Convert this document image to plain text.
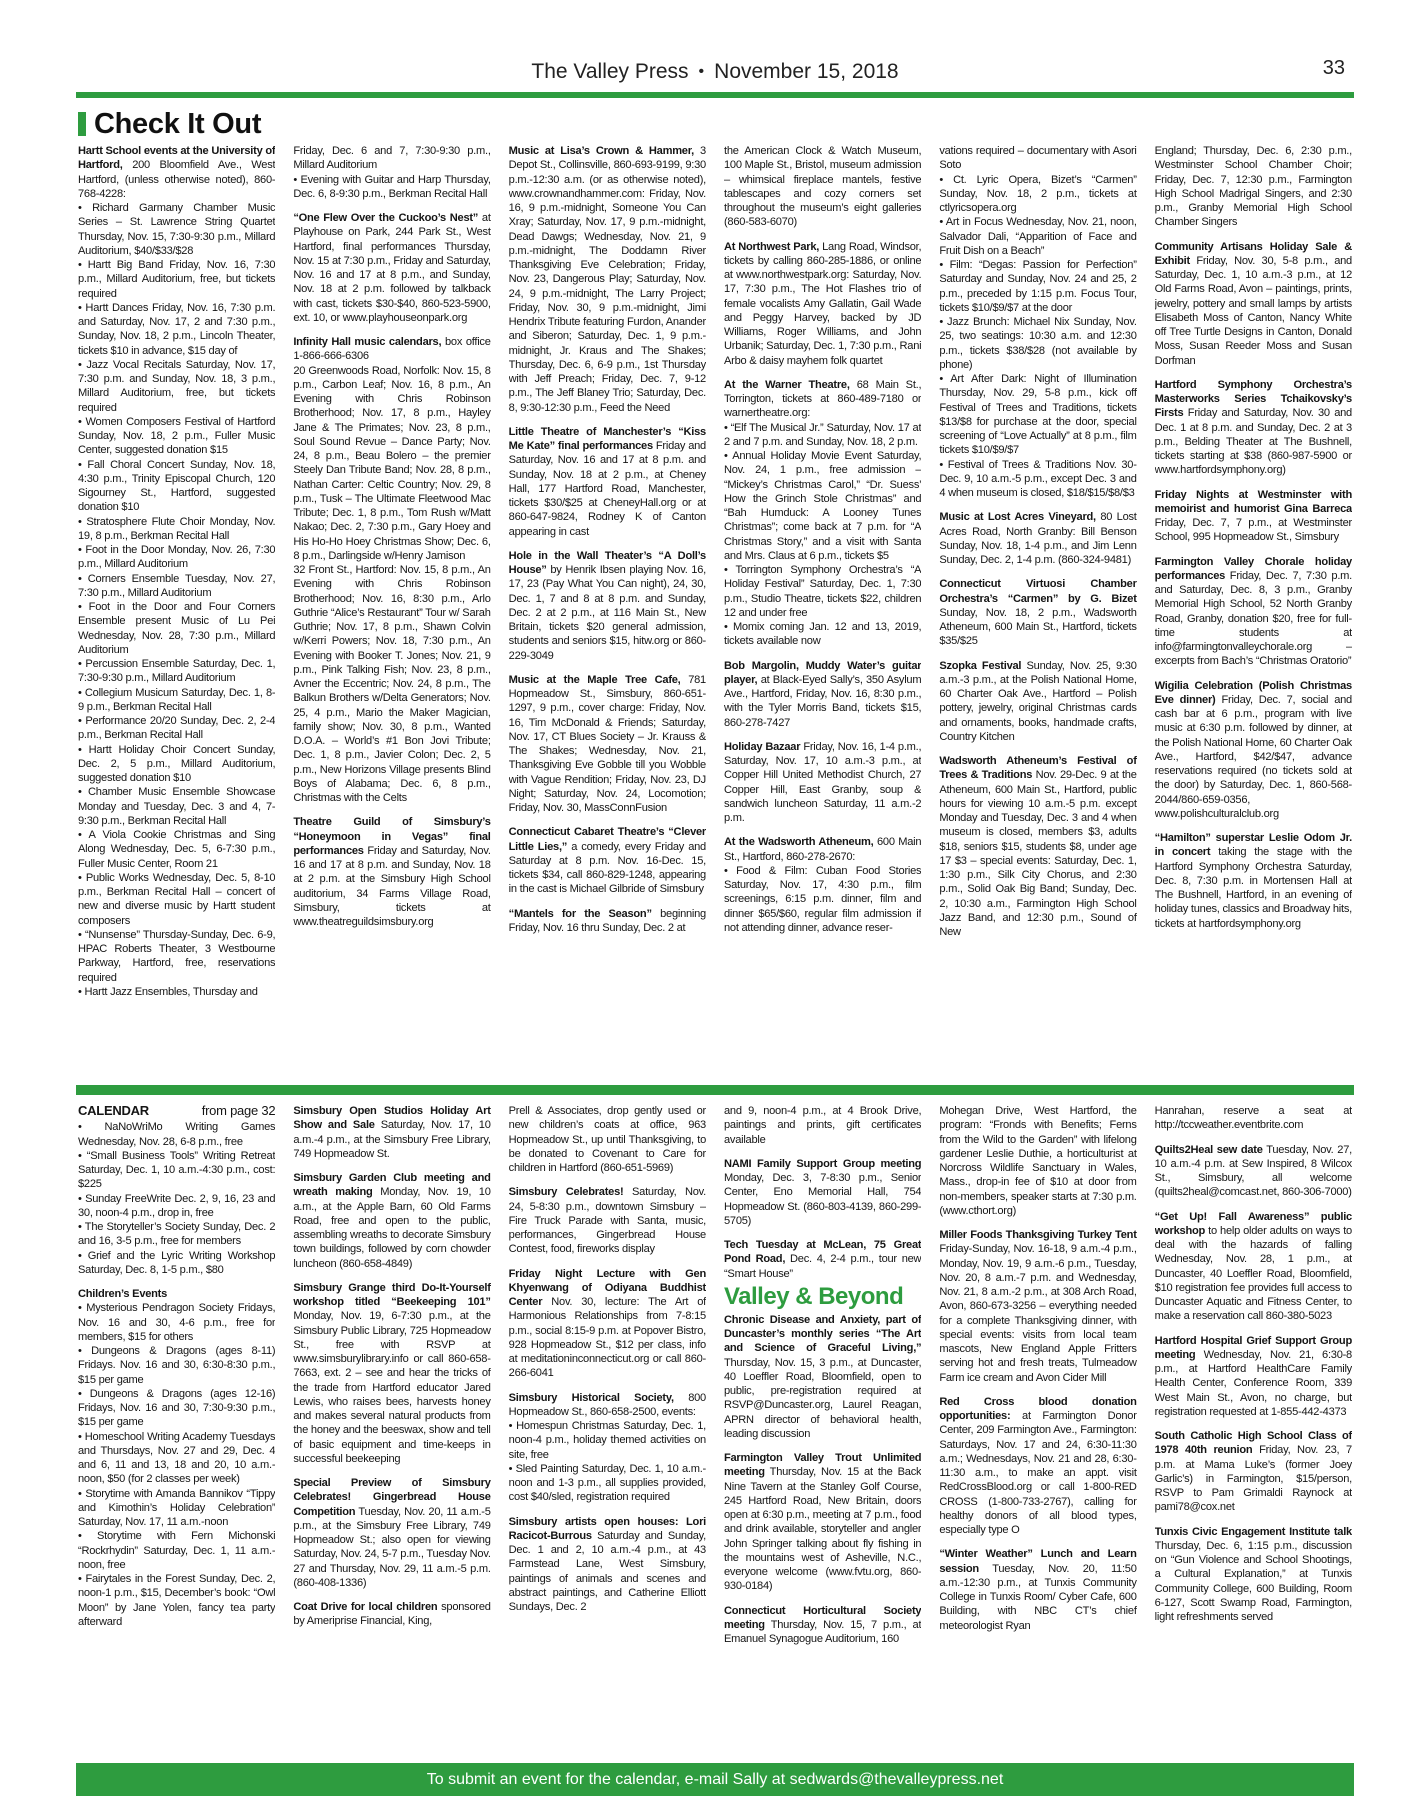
The Valley Press • November 15, 2018	33
Check It Out

Hartt School events at the University of Hartford, 200 Bloomfield Ave., West Hartford, (unless otherwise noted), 860-768-4228:
• Richard Garmany Chamber Music Series – St. Lawrence String Quartet Thursday, Nov. 15, 7:30-9:30 p.m., Millard Auditorium, $40/$33/$28
• Hartt Big Band Friday, Nov. 16, 7:30 p.m., Millard Auditorium, free, but tickets required
• Hartt Dances Friday, Nov. 16, 7:30 p.m. and Saturday, Nov. 17, 2 and 7:30 p.m., Sunday, Nov. 18, 2 p.m., Lincoln Theater, tickets $10 in advance, $15 day of
• Jazz Vocal Recitals Saturday, Nov. 17, 7:30 p.m. and Sunday, Nov. 18, 3 p.m., Millard Auditorium, free, but tickets required
• Women Composers Festival of Hartford Sunday, Nov. 18, 2 p.m., Fuller Music Center, suggested donation $15
• Fall Choral Concert Sunday, Nov. 18, 4:30 p.m., Trinity Episcopal Church, 120 Sigourney St., Hartford, suggested donation $10
• Stratosphere Flute Choir Monday, Nov. 19, 8 p.m., Berkman Recital Hall
• Foot in the Door Monday, Nov. 26, 7:30 p.m., Millard Auditorium
• Corners Ensemble Tuesday, Nov. 27, 7:30 p.m., Millard Auditorium
• Foot in the Door and Four Corners Ensemble present Music of Lu Pei Wednesday, Nov. 28, 7:30 p.m., Millard Auditorium
• Percussion Ensemble Saturday, Dec. 1, 7:30-9:30 p.m., Millard Auditorium
• Collegium Musicum Saturday, Dec. 1, 8-9 p.m., Berkman Recital Hall
• Performance 20/20 Sunday, Dec. 2, 2-4 p.m., Berkman Recital Hall
• Hartt Holiday Choir Concert Sunday, Dec. 2, 5 p.m., Millard Auditorium, suggested donation $10
• Chamber Music Ensemble Showcase Monday and Tuesday, Dec. 3 and 4, 7-9:30 p.m., Berkman Recital Hall
• A Viola Cookie Christmas and Sing Along Wednesday, Dec. 5, 6-7:30 p.m., Fuller Music Center, Room 21
• Public Works Wednesday, Dec. 5, 8-10 p.m., Berkman Recital Hall – concert of new and diverse music by Hartt student composers
• “Nunsense” Thursday-Sunday, Dec. 6-9, HPAC Roberts Theater, 3 Westbourne Parkway, Hartford, free, reservations required
• Hartt Jazz Ensembles, Thursday and

Friday, Dec. 6 and 7, 7:30-9:30 p.m., Millard Auditorium
• Evening with Guitar and Harp Thursday, Dec. 6, 8-9:30 p.m., Berkman Recital Hall

“One Flew Over the Cuckoo’s Nest” at Playhouse on Park, 244 Park St., West Hartford, final performances Thursday, Nov. 15 at 7:30 p.m., Friday and Saturday, Nov. 16 and 17 at 8 p.m., and Sunday, Nov. 18 at 2 p.m. followed by talkback with cast, tickets $30-$40, 860-523-5900, ext. 10, or www.playhouseonpark.org

Infinity Hall music calendars, box office 1-866-666-6306
20 Greenwoods Road, Norfolk: Nov. 15, 8 p.m., Carbon Leaf; Nov. 16, 8 p.m., An Evening with Chris Robinson Brotherhood; Nov. 17, 8 p.m., Hayley Jane & The Primates; Nov. 23, 8 p.m., Soul Sound Revue – Dance Party; Nov. 24, 8 p.m., Beau Bolero – the premier Steely Dan Tribute Band; Nov. 28, 8 p.m., Nathan Carter: Celtic Country; Nov. 29, 8 p.m., Tusk – The Ultimate Fleetwood Mac Tribute; Dec. 1, 8 p.m., Tom Rush w/Matt Nakao; Dec. 2, 7:30 p.m., Gary Hoey and His Ho-Ho Hoey Christmas Show; Dec. 6, 8 p.m., Darlingside w/Henry Jamison
32 Front St., Hartford: Nov. 15, 8 p.m., An Evening with Chris Robinson Brotherhood; Nov. 16, 8:30 p.m., Arlo Guthrie “Alice’s Restaurant” Tour w/ Sarah Guthrie; Nov. 17, 8 p.m., Shawn Colvin w/Kerri Powers; Nov. 18, 7:30 p.m., An Evening with Booker T. Jones; Nov. 21, 9 p.m., Pink Talking Fish; Nov. 23, 8 p.m., Avner the Eccentric; Nov. 24, 8 p.m., The Balkun Brothers w/Delta Generators; Nov. 25, 4 p.m., Mario the Maker Magician, family show; Nov. 30, 8 p.m., Wanted D.O.A. – World’s #1 Bon Jovi Tribute; Dec. 1, 8 p.m., Javier Colon; Dec. 2, 5 p.m., New Horizons Village presents Blind Boys of Alabama; Dec. 6, 8 p.m., Christmas with the Celts

Theatre Guild of Simsbury’s “Honeymoon in Vegas” final performances Friday and Saturday, Nov. 16 and 17 at 8 p.m. and Sunday, Nov. 18 at 2 p.m. at the Simsbury High School auditorium, 34 Farms Village Road, Simsbury, tickets at www.theatreguildsimsbury.org

Music at Lisa’s Crown & Hammer, 3 Depot St., Collinsville, 860-693-9199, 9:30 p.m.-12:30 a.m. (or as otherwise noted), www.crownandhammer.com: Friday, Nov. 16, 9 p.m.-midnight, Someone You Can Xray; Saturday, Nov. 17, 9 p.m.-midnight, Dead Dawgs; Wednesday, Nov. 21, 9 p.m.-midnight, The Doddamn River Thanksgiving Eve Celebration; Friday, Nov. 23, Dangerous Play; Saturday, Nov. 24, 9 p.m.-midnight, The Larry Project; Friday, Nov. 30, 9 p.m.-midnight, Jimi Hendrix Tribute featuring Furdon, Anander and Siberon; Saturday, Dec. 1, 9 p.m.-midnight, Jr. Kraus and The Shakes; Thursday, Dec. 6, 6-9 p.m., 1st Thursday with Jeff Preach; Friday, Dec. 7, 9-12 p.m., The Jeff Blaney Trio; Saturday, Dec. 8, 9:30-12:30 p.m., Feed the Need

Little Theatre of Manchester’s “Kiss Me Kate” final performances Friday and Saturday, Nov. 16 and 17 at 8 p.m. and Sunday, Nov. 18 at 2 p.m., at Cheney Hall, 177 Hartford Road, Manchester, tickets $30/$25 at CheneyHall.org or at 860-647-9824, Rodney K of Canton appearing in cast

Hole in the Wall Theater’s “A Doll’s House” by Henrik Ibsen playing Nov. 16, 17, 23 (Pay What You Can night), 24, 30, Dec. 1, 7 and 8 at 8 p.m. and Sunday, Dec. 2 at 2 p.m., at 116 Main St., New Britain, tickets $20 general admission, students and seniors $15, hitw.org or 860-229-3049

Music at the Maple Tree Cafe, 781 Hopmeadow St., Simsbury, 860-651-1297, 9 p.m., cover charge: Friday, Nov. 16, Tim McDonald & Friends; Saturday, Nov. 17, CT Blues Society – Jr. Krauss & The Shakes; Wednesday, Nov. 21, Thanksgiving Eve Gobble till you Wobble with Vague Rendition; Friday, Nov. 23, DJ Night; Saturday, Nov. 24, Locomotion; Friday, Nov. 30, MassConnFusion

Connecticut Cabaret Theatre’s “Clever Little Lies,” a comedy, every Friday and Saturday at 8 p.m. Nov. 16-Dec. 15, tickets $34, call 860-829-1248, appearing in the cast is Michael Gilbride of Simsbury

“Mantels for the Season” beginning Friday, Nov. 16 thru Sunday, Dec. 2 at

the American Clock & Watch Museum, 100 Maple St., Bristol, museum admission – whimsical fireplace mantels, festive tablescapes and cozy corners set throughout the museum’s eight galleries (860-583-6070)

At Northwest Park, Lang Road, Windsor, tickets by calling 860-285-1886, or online at www.northwestpark.org: Saturday, Nov. 17, 7:30 p.m., The Hot Flashes trio of female vocalists Amy Gallatin, Gail Wade and Peggy Harvey, backed by JD Williams, Roger Williams, and John Urbanik; Saturday, Dec. 1, 7:30 p.m., Rani Arbo & daisy mayhem folk quartet

At the Warner Theatre, 68 Main St., Torrington, tickets at 860-489-7180 or warnertheatre.org:
• “Elf The Musical Jr.” Saturday, Nov. 17 at 2 and 7 p.m. and Sunday, Nov. 18, 2 p.m.
• Annual Holiday Movie Event Saturday, Nov. 24, 1 p.m., free admission – “Mickey’s Christmas Carol,” “Dr. Suess’ How the Grinch Stole Christmas” and “Bah Humduck: A Looney Tunes Christmas”; come back at 7 p.m. for “A Christmas Story,” and a visit with Santa and Mrs. Claus at 6 p.m., tickets $5
• Torrington Symphony Orchestra’s “A Holiday Festival” Saturday, Dec. 1, 7:30 p.m., Studio Theatre, tickets $22, children 12 and under free
• Momix coming Jan. 12 and 13, 2019, tickets available now

Bob Margolin, Muddy Water’s guitar player, at Black-Eyed Sally’s, 350 Asylum Ave., Hartford, Friday, Nov. 16, 8:30 p.m., with the Tyler Morris Band, tickets $15, 860-278-7427

Holiday Bazaar Friday, Nov. 16, 1-4 p.m., Saturday, Nov. 17, 10 a.m.-3 p.m., at Copper Hill United Methodist Church, 27 Copper Hill, East Granby, soup & sandwich luncheon Saturday, 11 a.m.-2 p.m.

At the Wadsworth Atheneum, 600 Main St., Hartford, 860-278-2670:
• Food & Film: Cuban Food Stories Saturday, Nov. 17, 4:30 p.m., film screenings, 6:15 p.m. dinner, film and dinner $65/$60, regular film admission if not attending dinner, advance reser-

vations required – documentary with Asori Soto
• Ct. Lyric Opera, Bizet’s “Carmen” Sunday, Nov. 18, 2 p.m., tickets at ctlyricsopera.org
• Art in Focus Wednesday, Nov. 21, noon, Salvador Dali, “Apparition of Face and Fruit Dish on a Beach”
• Film: “Degas: Passion for Perfection” Saturday and Sunday, Nov. 24 and 25, 2 p.m., preceded by 1:15 p.m. Focus Tour, tickets $10/$9/$7 at the door
• Jazz Brunch: Michael Nix Sunday, Nov. 25, two seatings: 10:30 a.m. and 12:30 p.m., tickets $38/$28 (not available by phone)
• Art After Dark: Night of Illumination Thursday, Nov. 29, 5-8 p.m., kick off Festival of Trees and Traditions, tickets $13/$8 for purchase at the door, special screening of “Love Actually” at 8 p.m., film tickets $10/$9/$7
• Festival of Trees & Traditions Nov. 30-Dec. 9, 10 a.m.-5 p.m., except Dec. 3 and 4 when museum is closed, $18/$15/$8/$3

Music at Lost Acres Vineyard, 80 Lost Acres Road, North Granby: Bill Benson Sunday, Nov. 18, 1-4 p.m., and Jim Lenn Sunday, Dec. 2, 1-4 p.m. (860-324-9481)

Connecticut Virtuosi Chamber Orchestra’s “Carmen” by G. Bizet Sunday, Nov. 18, 2 p.m., Wadsworth Atheneum, 600 Main St., Hartford, tickets $35/$25

Szopka Festival Sunday, Nov. 25, 9:30 a.m.-3 p.m., at the Polish National Home, 60 Charter Oak Ave., Hartford – Polish pottery, jewelry, original Christmas cards and ornaments, books, handmade crafts, Country Kitchen

Wadsworth Atheneum’s Festival of Trees & Traditions Nov. 29-Dec. 9 at the Atheneum, 600 Main St., Hartford, public hours for viewing 10 a.m.-5 p.m. except Monday and Tuesday, Dec. 3 and 4 when museum is closed, members $3, adults $18, seniors $15, students $8, under age 17 $3 – special events: Saturday, Dec. 1, 1:30 p.m., Silk City Chorus, and 2:30 p.m., Solid Oak Big Band; Sunday, Dec. 2, 10:30 a.m., Farmington High School Jazz Band, and 12:30 p.m., Sound of New

England; Thursday, Dec. 6, 2:30 p.m., Westminster School Chamber Choir; Friday, Dec. 7, 12:30 p.m., Farmington High School Madrigal Singers, and 2:30 p.m., Granby Memorial High School Chamber Singers

Community Artisans Holiday Sale & Exhibit Friday, Nov. 30, 5-8 p.m., and Saturday, Dec. 1, 10 a.m.-3 p.m., at 12 Old Farms Road, Avon – paintings, prints, jewelry, pottery and small lamps by artists Elisabeth Moss of Canton, Nancy White off Tree Turtle Designs in Canton, Donald Moss, Susan Reeder Moss and Susan Dorfman

Hartford Symphony Orchestra’s Masterworks Series Tchaikovsky’s Firsts Friday and Saturday, Nov. 30 and Dec. 1 at 8 p.m. and Sunday, Dec. 2 at 3 p.m., Belding Theater at The Bushnell, tickets starting at $38 (860-987-5900 or www.hartfordsymphony.org)

Friday Nights at Westminster with memoirist and humorist Gina Barreca Friday, Dec. 7, 7 p.m., at Westminster School, 995 Hopmeadow St., Simsbury

Farmington Valley Chorale holiday performances Friday, Dec. 7, 7:30 p.m. and Saturday, Dec. 8, 3 p.m., Granby Memorial High School, 52 North Granby Road, Granby, donation $20, free for full-time students at info@farmingtonvalleychorale.org – excerpts from Bach’s “Christmas Oratorio”

Wigilia Celebration (Polish Christmas Eve dinner) Friday, Dec. 7, social and cash bar at 6 p.m., program with live music at 6:30 p.m. followed by dinner, at the Polish National Home, 60 Charter Oak Ave., Hartford, $42/$47, advance reservations required (no tickets sold at the door) by Saturday, Dec. 1, 860-568-2044/860-659-0356, www.polishculturalclub.org

“Hamilton” superstar Leslie Odom Jr. in concert taking the stage with the Hartford Symphony Orchestra Saturday, Dec. 8, 7:30 p.m. in Mortensen Hall at The Bushnell, Hartford, in an evening of holiday tunes, classics and Broadway hits, tickets at hartfordsymphony.org

CALENDAR	from page 32

• NaNoWriMo Writing Games Wednesday, Nov. 28, 6-8 p.m., free
• “Small Business Tools” Writing Retreat Saturday, Dec. 1, 10 a.m.-4:30 p.m., cost: $225
• Sunday FreeWrite Dec. 2, 9, 16, 23 and 30, noon-4 p.m., drop in, free
• The Storyteller’s Society Sunday, Dec. 2 and 16, 3-5 p.m., free for members
• Grief and the Lyric Writing Workshop Saturday, Dec. 8, 1-5 p.m., $80

Children’s Events
• Mysterious Pendragon Society Fridays, Nov. 16 and 30, 4-6 p.m., free for members, $15 for others
• Dungeons & Dragons (ages 8-11) Fridays. Nov. 16 and 30, 6:30-8:30 p.m., $15 per game
• Dungeons & Dragons (ages 12-16) Fridays, Nov. 16 and 30, 7:30-9:30 p.m., $15 per game
• Homeschool Writing Academy Tuesdays and Thursdays, Nov. 27 and 29, Dec. 4 and 6, 11 and 13, 18 and 20, 10 a.m.-noon, $50 (for 2 classes per week)
• Storytime with Amanda Bannikov “Tippy and Kimothin’s Holiday Celebration” Saturday, Nov. 17, 11 a.m.-noon
• Storytime with Fern Michonski “Rockrhydin” Saturday, Dec. 1, 11 a.m.-noon, free
• Fairytales in the Forest Sunday, Dec. 2, noon-1 p.m., $15, December’s book: “Owl Moon” by Jane Yolen, fancy tea party afterward

Simsbury Open Studios Holiday Art Show and Sale Saturday, Nov. 17, 10 a.m.-4 p.m., at the Simsbury Free Library, 749 Hopmeadow St.

Simsbury Garden Club meeting and wreath making Monday, Nov. 19, 10 a.m., at the Apple Barn, 60 Old Farms Road, free and open to the public, assembling wreaths to decorate Simsbury town buildings, followed by corn chowder luncheon (860-658-4849)

Simsbury Grange third Do-It-Yourself workshop titled “Beekeeping 101” Monday, Nov. 19, 6-7:30 p.m., at the Simsbury Public Library, 725 Hopmeadow St., free with RSVP at www.simsburylibrary.info or call 860-658-7663, ext. 2 – see and hear the tricks of the trade from Hartford educator Jared Lewis, who raises bees, harvests honey and makes several natural products from the honey and the beeswax, show and tell of basic equipment and time-keeps in successful beekeeping

Special Preview of Simsbury Celebrates! Gingerbread House Competition Tuesday, Nov. 20, 11 a.m.-5 p.m., at the Simsbury Free Library, 749 Hopmeadow St.; also open for viewing Saturday, Nov. 24, 5-7 p.m., Tuesday Nov. 27 and Thursday, Nov. 29, 11 a.m.-5 p.m. (860-408-1336)

Coat Drive for local children sponsored by Ameriprise Financial, King,

Prell & Associates, drop gently used or new children’s coats at office, 963 Hopmeadow St., up until Thanksgiving, to be donated to Covenant to Care for children in Hartford (860-651-5969)

Simsbury Celebrates! Saturday, Nov. 24, 5-8:30 p.m., downtown Simsbury – Fire Truck Parade with Santa, music, performances, Gingerbread House Contest, food, fireworks display

Friday Night Lecture with Gen Khyenwang of Odiyana Buddhist Center Nov. 30, lecture: The Art of Harmonious Relationships from 7-8:15 p.m., social 8:15-9 p.m. at Popover Bistro, 928 Hopmeadow St., $12 per class, info at meditationinconnecticut.org or call 860-266-6041

Simsbury Historical Society, 800 Hopmeadow St., 860-658-2500, events:
• Homespun Christmas Saturday, Dec. 1, noon-4 p.m., holiday themed activities on site, free
• Sled Painting Saturday, Dec. 1, 10 a.m.-noon and 1-3 p.m., all supplies provided, cost $40/sled, registration required

Simsbury artists open houses: Lori Racicot-Burrous Saturday and Sunday, Dec. 1 and 2, 10 a.m.-4 p.m., at 43 Farmstead Lane, West Simsbury, paintings of animals and scenes and abstract paintings, and Catherine Elliott Sundays, Dec. 2

and 9, noon-4 p.m., at 4 Brook Drive, paintings and prints, gift certificates available

NAMI Family Support Group meeting Monday, Dec. 3, 7-8:30 p.m., Senior Center, Eno Memorial Hall, 754 Hopmeadow St. (860-803-4139, 860-299-5705)

Tech Tuesday at McLean, 75 Great Pond Road, Dec. 4, 2-4 p.m., tour new “Smart House”

Valley & Beyond

Chronic Disease and Anxiety, part of Duncaster’s monthly series “The Art and Science of Graceful Living,” Thursday, Nov. 15, 3 p.m., at Duncaster, 40 Loeffler Road, Bloomfield, open to public, pre-registration required at RSVP@Duncaster.org, Laurel Reagan, APRN director of behavioral health, leading discussion

Farmington Valley Trout Unlimited meeting Thursday, Nov. 15 at the Back Nine Tavern at the Stanley Golf Course, 245 Hartford Road, New Britain, doors open at 6:30 p.m., meeting at 7 p.m., food and drink available, storyteller and angler John Springer talking about fly fishing in the mountains west of Asheville, N.C., everyone welcome (www.fvtu.org, 860-930-0184)

Connecticut Horticultural Society meeting Thursday, Nov. 15, 7 p.m., at Emanuel Synagogue Auditorium, 160

Mohegan Drive, West Hartford, the program: “Fronds with Benefits; Ferns from the Wild to the Garden” with lifelong gardener Leslie Duthie, a horticulturist at Norcross Wildlife Sanctuary in Wales, Mass., drop-in fee of $10 at door from non-members, speaker starts at 7:30 p.m. (www.cthort.org)

Miller Foods Thanksgiving Turkey Tent Friday-Sunday, Nov. 16-18, 9 a.m.-4 p.m., Monday, Nov. 19, 9 a.m.-6 p.m., Tuesday, Nov. 20, 8 a.m.-7 p.m. and Wednesday, Nov. 21, 8 a.m.-2 p.m., at 308 Arch Road, Avon, 860-673-3256 – everything needed for a complete Thanksgiving dinner, with special events: visits from local team mascots, New England Apple Fritters serving hot and fresh treats, Tulmeadow Farm ice cream and Avon Cider Mill

Red Cross blood donation opportunities: at Farmington Donor Center, 209 Farmington Ave., Farmington: Saturdays, Nov. 17 and 24, 6:30-11:30 a.m.; Wednesdays, Nov. 21 and 28, 6:30-11:30 a.m., to make an appt. visit RedCrossBlood.org or call 1-800-RED CROSS (1-800-733-2767), calling for healthy donors of all blood types, especially type O

“Winter Weather” Lunch and Learn session Tuesday, Nov. 20, 11:50 a.m.-12:30 p.m., at Tunxis Community College in Tunxis Room/ Cyber Cafe, 600 Building, with NBC CT’s chief meteorologist Ryan

Hanrahan, reserve a seat at http://tccweather.eventbrite.com

Quilts2Heal sew date Tuesday, Nov. 27, 10 a.m.-4 p.m. at Sew Inspired, 8 Wilcox St., Simsbury, all welcome (quilts2heal@comcast.net, 860-306-7000)

“Get Up! Fall Awareness” public workshop to help older adults on ways to deal with the hazards of falling Wednesday, Nov. 28, 1 p.m., at Duncaster, 40 Loeffler Road, Bloomfield, $10 registration fee provides full access to Duncaster Aquatic and Fitness Center, to make a reservation call 860-380-5023

Hartford Hospital Grief Support Group meeting Wednesday, Nov. 21, 6:30-8 p.m., at Hartford HealthCare Family Health Center, Conference Room, 339 West Main St., Avon, no charge, but registration requested at 1-855-442-4373

South Catholic High School Class of 1978 40th reunion Friday, Nov. 23, 7 p.m. at Mama Luke’s (former Joey Garlic’s) in Farmington, $15/person, RSVP to Pam Grimaldi Raynock at pami78@cox.net

Tunxis Civic Engagement Institute talk Thursday, Dec. 6, 1:15 p.m., discussion on “Gun Violence and School Shootings, a Cultural Explanation,” at Tunxis Community College, 600 Building, Room 6-127, Scott Swamp Road, Farmington, light refreshments served

To submit an event for the calendar, e-mail Sally at sedwards@thevalleypress.net
